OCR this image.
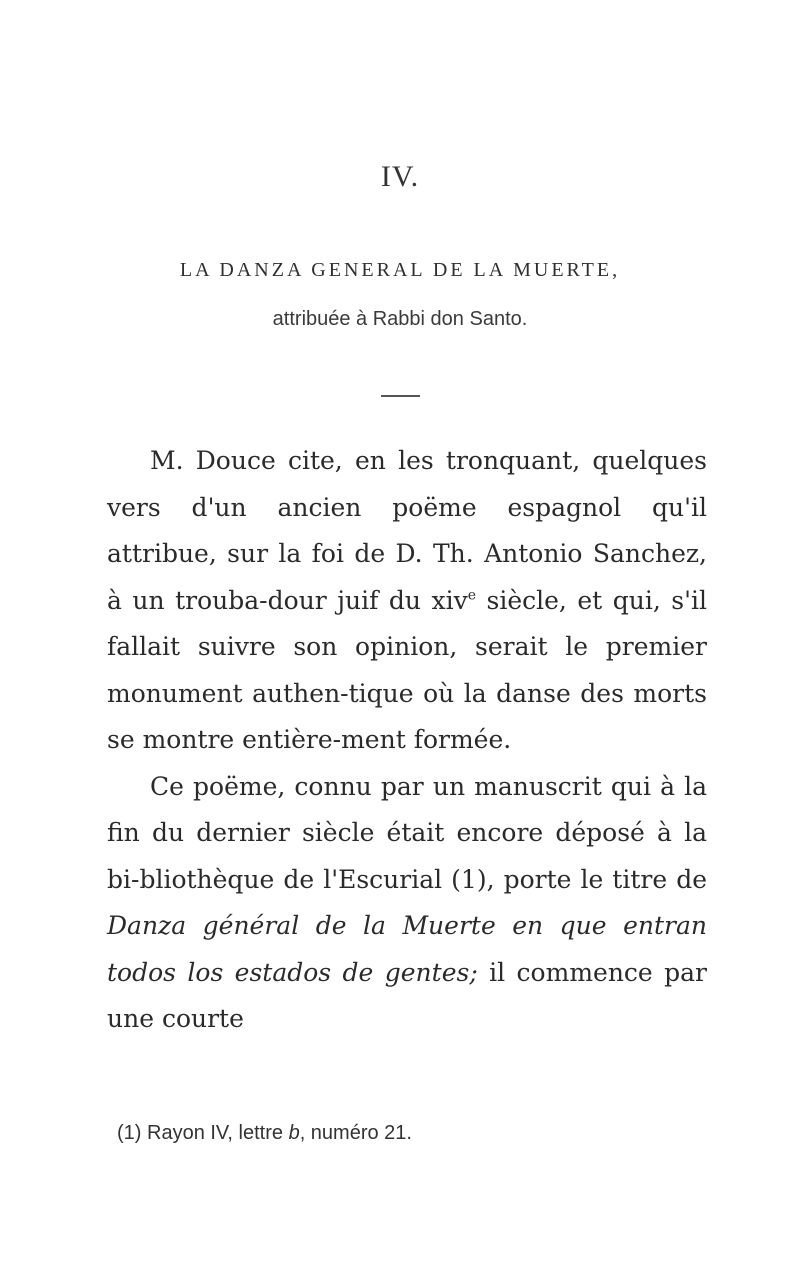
IV.
LA DANZA GENERAL DE LA MUERTE,
attribuée à Rabbi don Santo.

M. Douce cite, en les tronquant, quelques vers d'un ancien poëme espagnol qu'il attribue, sur la foi de D. Th. Antonio Sanchez, à un trouba-dour juif du xiv$^e$ siècle, et qui, s'il fallait suivre son opinion, serait le premier monument authen-tique où la danse des morts se montre entière-ment formée.

Ce poëme, connu par un manuscrit qui à la fin du dernier siècle était encore déposé à la bi-bliothèque de l'Escurial (1), porte le titre de Danza général de la Muerte en que entran todos los estados de gentes; il commence par une courte

(1) Rayon IV, lettre b, numéro 21.
